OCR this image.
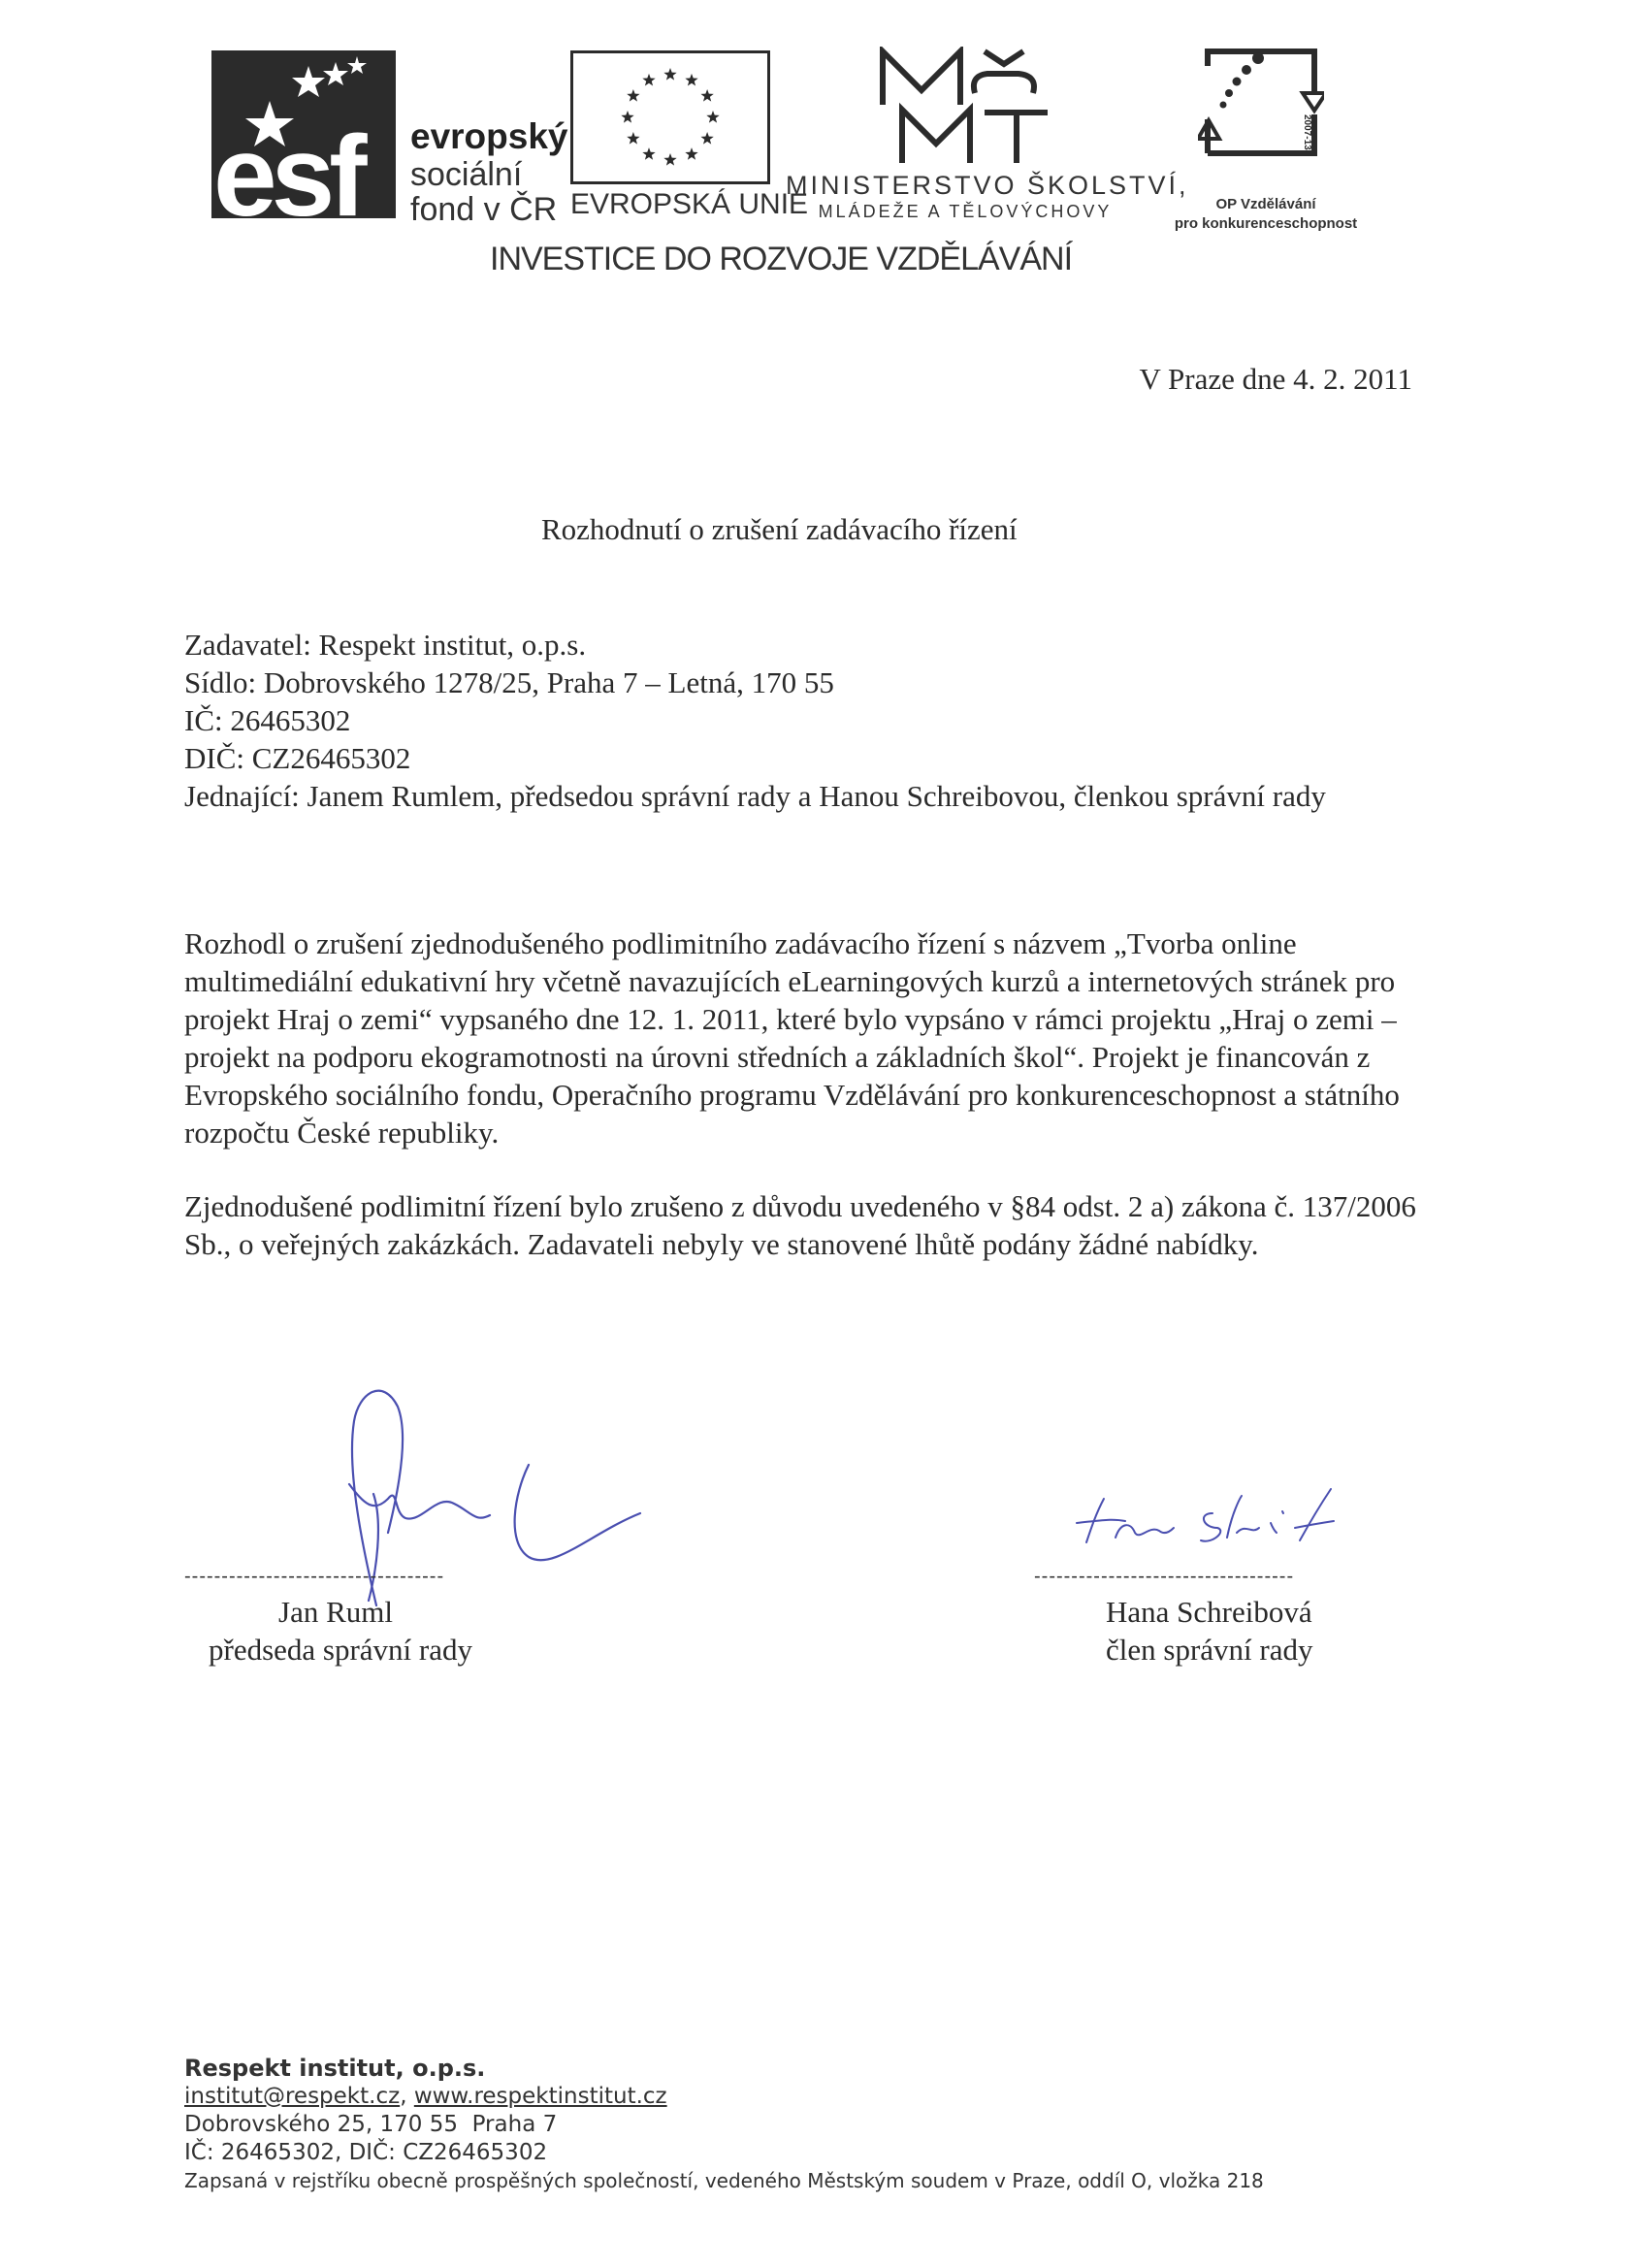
esf evropský
sociální
fond v ČR EVROPSKÁ UNIE
MINISTERSTVO ŠKOLSTVÍ,
MLÁDEŽE A TĚLOVÝCHOVY
2007-13
OP Vzdělávání
pro konkurenceschopnost
INVESTICE DO ROZVOJE VZDĚLÁVÁNÍ
V Praze dne 4. 2. 2011
Rozhodnutí o zrušení zadávacího řízení
Zadavatel: Respekt institut, o.p.s.
Sídlo: Dobrovského 1278/25, Praha 7 – Letná, 170 55
IČ: 26465302
DIČ: CZ26465302
Jednající: Janem Rumlem, předsedou správní rady a Hanou Schreibovou, členkou správní rady
Rozhodl o zrušení zjednodušeného podlimitního zadávacího řízení s názvem „Tvorba online multimediální edukativní hry včetně navazujících eLearningových kurzů a internetových stránek pro projekt Hraj o zemi“ vypsaného dne 12. 1. 2011, které bylo vypsáno v rámci projektu „Hraj o zemi – projekt na podporu ekogramotnosti na úrovni středních a základních škol“. Projekt je financován z Evropského sociálního fondu, Operačního programu Vzdělávání pro konkurenceschopnost a státního rozpočtu České republiky.
Zjednodušené podlimitní řízení bylo zrušeno z důvodu uvedeného v §84 odst. 2 a) zákona č. 137/2006 Sb., o veřejných zakázkách. Zadavateli nebyly ve stanovené lhůtě podány žádné nabídky.
-----------------------------------	-----------------------------------
Jan Ruml
předseda správní rady
Hana Schreibová
člen správní rady
Respekt institut, o.p.s.
institut@respekt.cz, www.respektinstitut.cz
Dobrovského 25, 170 55  Praha 7
IČ: 26465302, DIČ: CZ26465302
Zapsaná v rejstříku obecně prospěšných společností, vedeného Městským soudem v Praze, oddíl O, vložka 218
